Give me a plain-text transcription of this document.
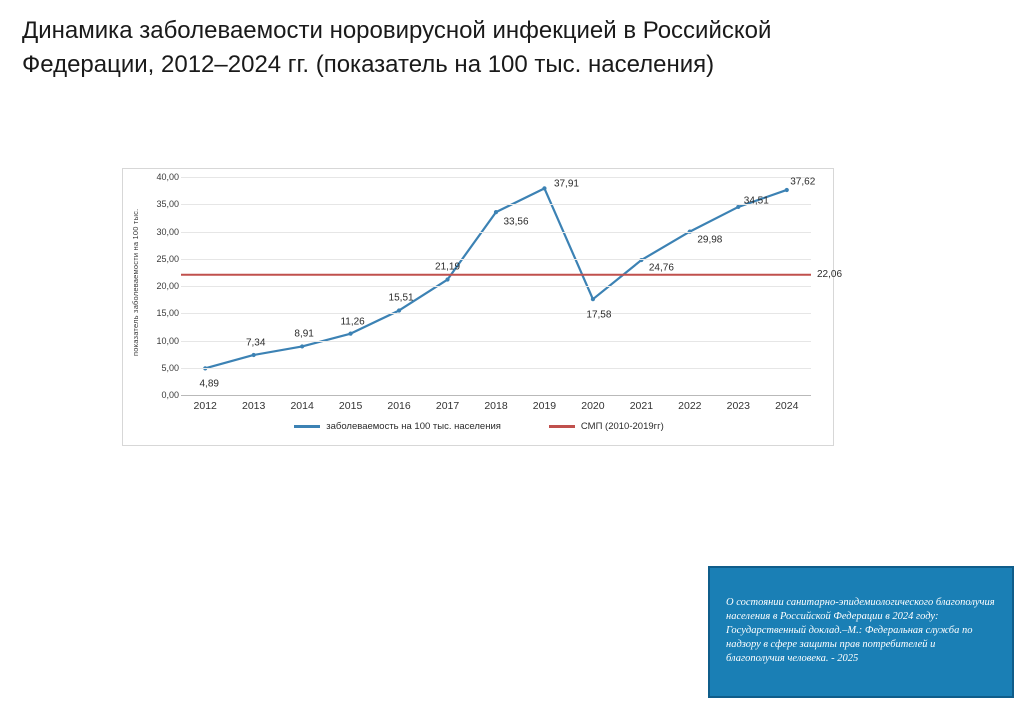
Динамика заболеваемости норовирусной инфекцией в Российской Федерации, 2012–2024 гг. (показатель на 100 тыс. населения)
показатель заболеваемости на 100 тыс.
0,00
5,00
10,00
15,00
20,00
25,00
30,00
35,00
40,00
22,06
4,89
7,34
8,91
11,26
15,51
21,19
33,56
37,91
17,58
24,76
29,98
34,51
37,62
2012 2013 2014 2015 2016 2017 2018 2019 2020 2021 2022 2023 2024
заболеваемость на 100 тыс. населения	СМП (2010-2019гг)
О состоянии санитарно-эпидемиологического благополучия населения в Российской Федерации в 2024 году: Государственный доклад.–М.: Федеральная служба по надзору в сфере защиты прав потребителей и благополучия человека. - 2025
